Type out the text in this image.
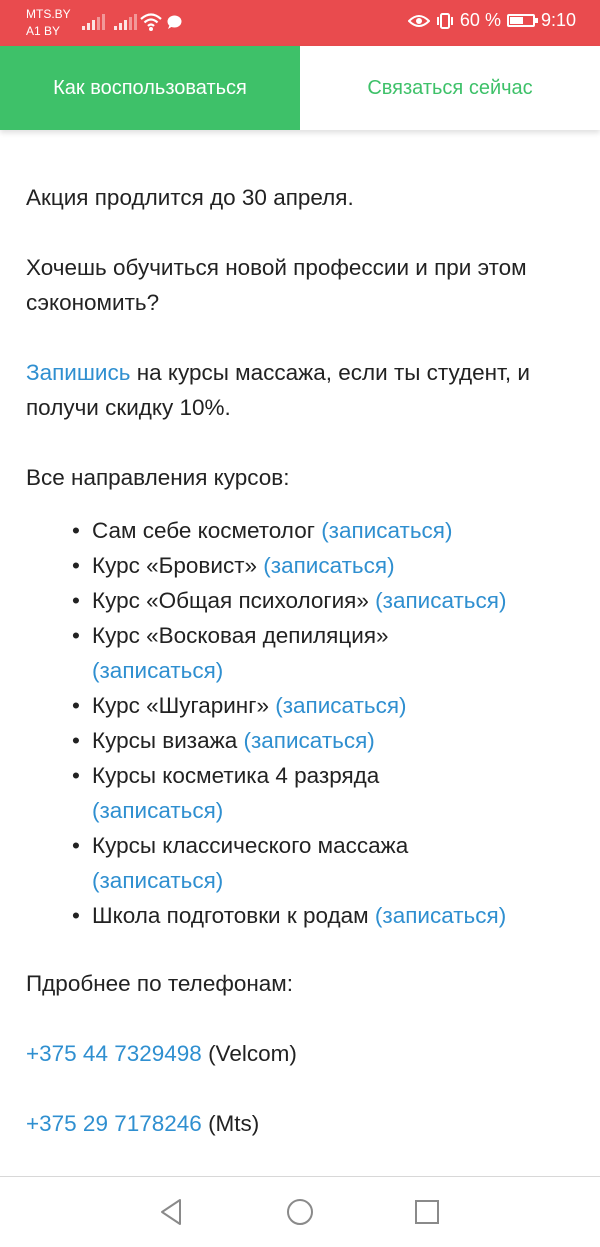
MTS.BY
A1 BY
60 % 9:10
Как воспользоваться	Связаться сейчас

Акция продлится до 30 апреля.

Хочешь обучиться новой профессии и при этом сэкономить?

Запишись на курсы массажа, если ты студент, и получи скидку 10%.

Все направления курсов:

• Сам себе косметолог (записаться)
• Курс «Бровист» (записаться)
• Курс «Общая психология» (записаться)
• Курс «Восковая депиляция»
(записаться)
• Курс «Шугаринг» (записаться)
• Курсы визажа (записаться)
• Курсы косметика 4 разряда
(записаться)
• Курсы классического массажа
(записаться)
• Школа подготовки к родам (записаться)

Пдробнее по телефонам:

+375 44 7329498 (Velcom)

+375 29 7178246 (Mts)
